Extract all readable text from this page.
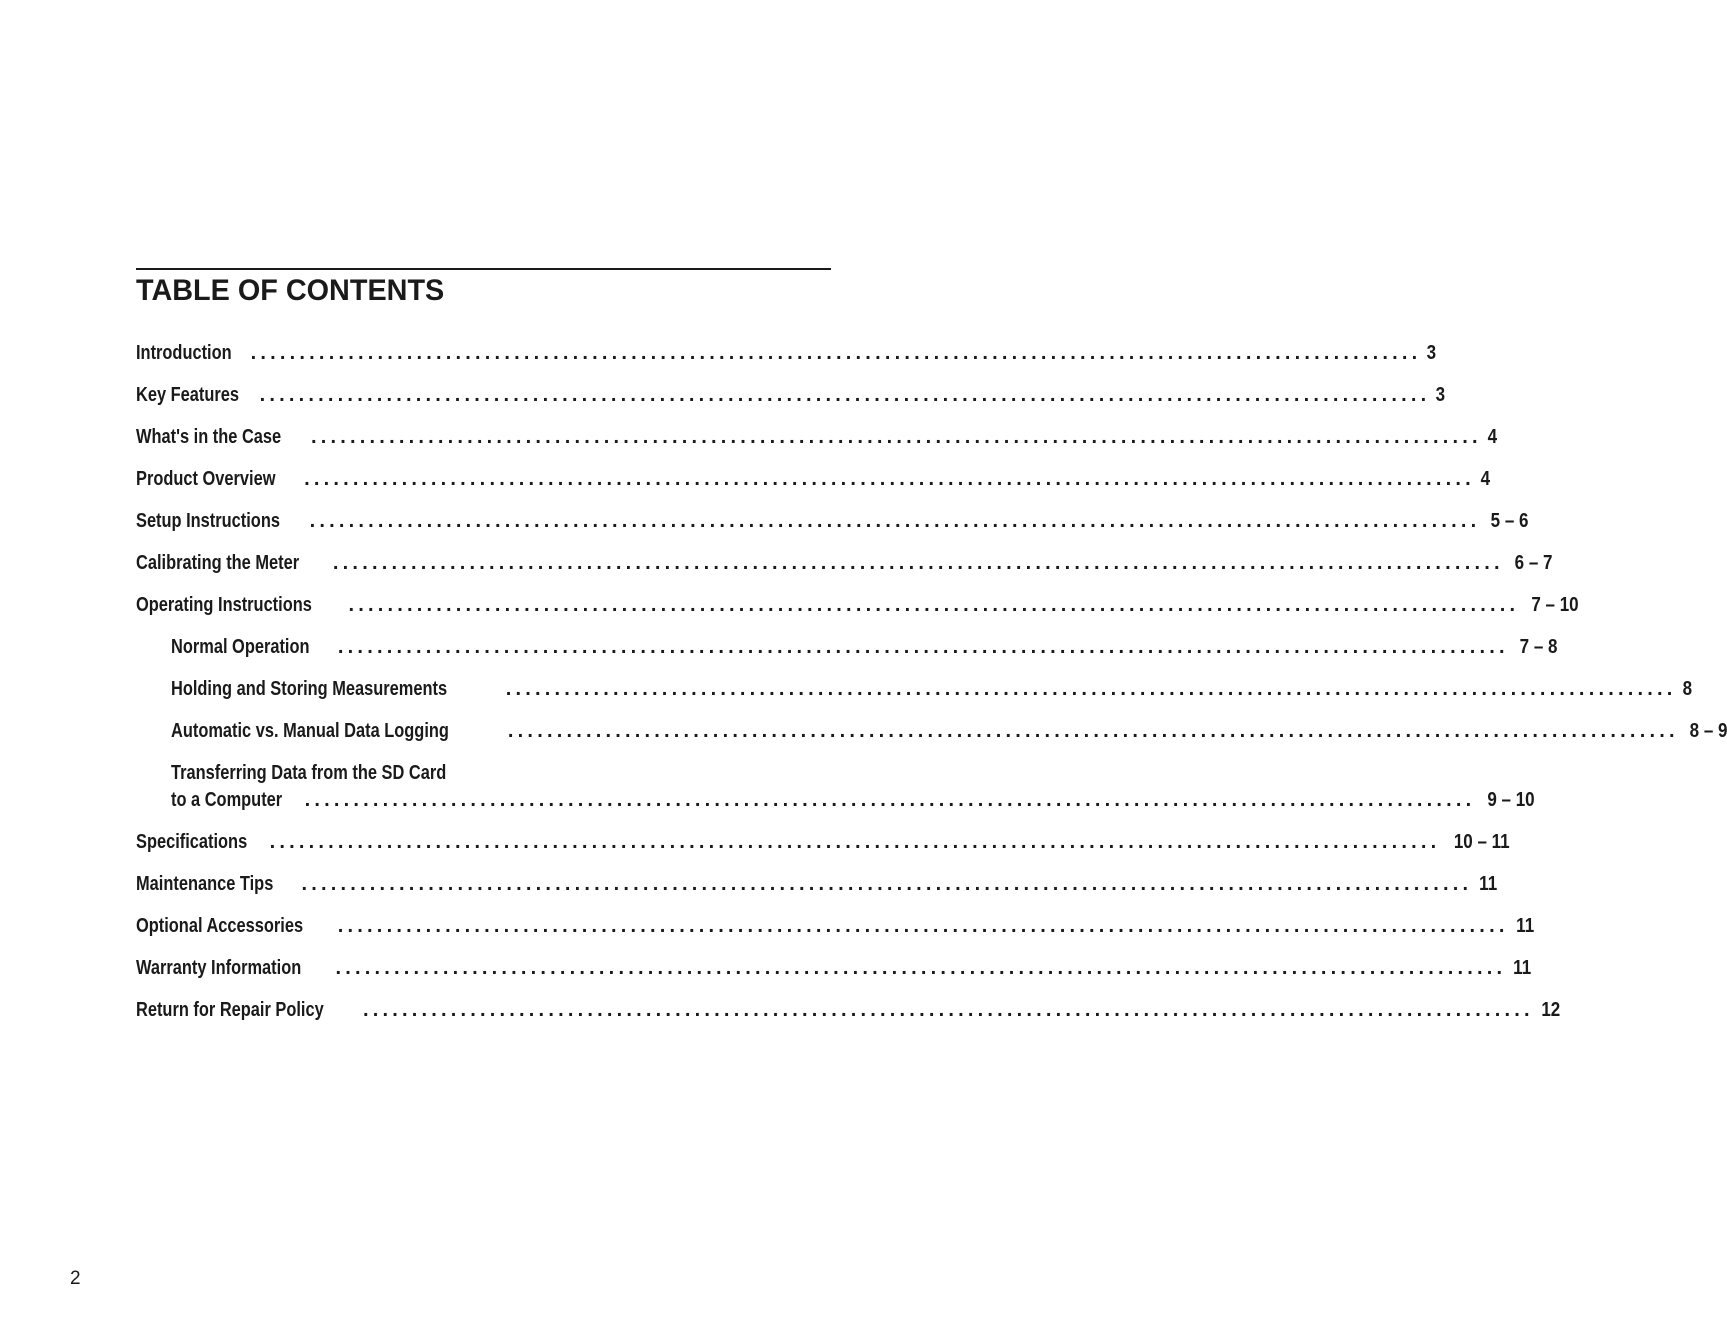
TABLE OF CONTENTS
Introduction ........................................................................................................................ 3
Key Features ........................................................................................................................ 3
What's in the Case ........................................................................................................................ 4
Product Overview ........................................................................................................................ 4
Setup Instructions ........................................................................................................................ 5 – 6
Calibrating the Meter ........................................................................................................................ 6 – 7
Operating Instructions ........................................................................................................................ 7 – 10
Normal Operation ........................................................................................................................ 7 – 8
Holding and Storing Measurements	........................................................................................................................ 8
Automatic vs. Manual Data Logging	........................................................................................................................ 8 – 9
Transferring Data from the SD Card
to a Computer ........................................................................................................................ 9 – 10
Specifications ........................................................................................................................ 10 – 11
Maintenance Tips ........................................................................................................................ 11
Optional Accessories ........................................................................................................................ 11
Warranty Information ........................................................................................................................ 11
Return for Repair Policy ........................................................................................................................ 12
2
